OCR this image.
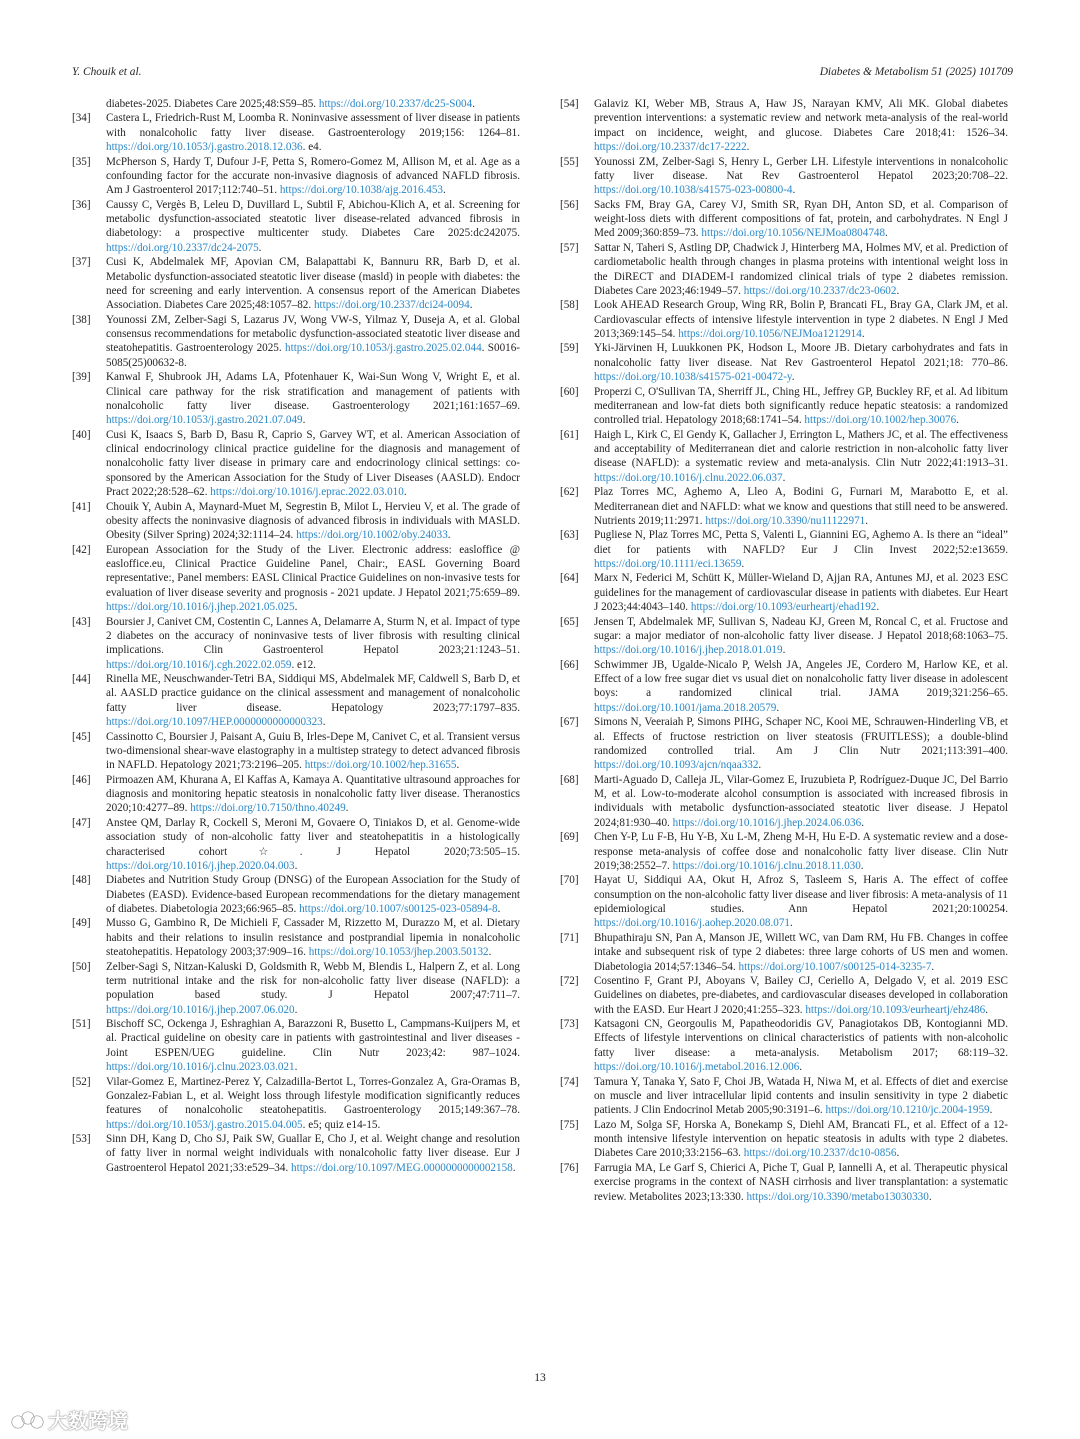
Y. Chouik et al.	Diabetes & Metabolism 51 (2025) 101709
diabetes-2025. Diabetes Care 2025;48:S59–85. https://doi.org/10.2337/dc25-S004.
[34]	Castera L, Friedrich-Rust M, Loomba R. Noninvasive assessment of liver disease in patients with nonalcoholic fatty liver disease. Gastroenterology 2019;156: 1264–81. https://doi.org/10.1053/j.gastro.2018.12.036. e4.
[35]	McPherson S, Hardy T, Dufour J-F, Petta S, Romero-Gomez M, Allison M, et al. Age as a confounding factor for the accurate non-invasive diagnosis of advanced NAFLD fibrosis. Am J Gastroenterol 2017;112:740–51. https://doi.org/10.1038/ajg.2016.453.
[36]	Caussy C, Vergès B, Leleu D, Duvillard L, Subtil F, Abichou-Klich A, et al. Screening for metabolic dysfunction-associated steatotic liver disease-related advanced fibrosis in diabetology: a prospective multicenter study. Diabetes Care 2025:dc242075. https://doi.org/10.2337/dc24-2075.
[37]	Cusi K, Abdelmalek MF, Apovian CM, Balapattabi K, Bannuru RR, Barb D, et al. Metabolic dysfunction-associated steatotic liver disease (masld) in people with diabetes: the need for screening and early intervention. A consensus report of the American Diabetes Association. Diabetes Care 2025;48:1057–82. https://doi.org/10.2337/dci24-0094.
[38]	Younossi ZM, Zelber-Sagi S, Lazarus JV, Wong VW-S, Yilmaz Y, Duseja A, et al. Global consensus recommendations for metabolic dysfunction-associated steatotic liver disease and steatohepatitis. Gastroenterology 2025. https://doi.org/10.1053/j.gastro.2025.02.044. S0016-5085(25)00632-8.
[39]	Kanwal F, Shubrook JH, Adams LA, Pfotenhauer K, Wai-Sun Wong V, Wright E, et al. Clinical care pathway for the risk stratification and management of patients with nonalcoholic fatty liver disease. Gastroenterology 2021;161:1657–69. https://doi.org/10.1053/j.gastro.2021.07.049.
[40]	Cusi K, Isaacs S, Barb D, Basu R, Caprio S, Garvey WT, et al. American Association of clinical endocrinology clinical practice guideline for the diagnosis and management of nonalcoholic fatty liver disease in primary care and endocrinology clinical settings: co-sponsored by the American Association for the Study of Liver Diseases (AASLD). Endocr Pract 2022;28:528–62. https://doi.org/10.1016/j.eprac.2022.03.010.
[41]	Chouik Y, Aubin A, Maynard-Muet M, Segrestin B, Milot L, Hervieu V, et al. The grade of obesity affects the noninvasive diagnosis of advanced fibrosis in individuals with MASLD. Obesity (Silver Spring) 2024;32:1114–24. https://doi.org/10.1002/oby.24033.
[42]	European Association for the Study of the Liver. Electronic address: easloffice @ easloffice.eu, Clinical Practice Guideline Panel, Chair:, EASL Governing Board representative:, Panel members: EASL Clinical Practice Guidelines on non-invasive tests for evaluation of liver disease severity and prognosis - 2021 update. J Hepatol 2021;75:659–89. https://doi.org/10.1016/j.jhep.2021.05.025.
[43]	Boursier J, Canivet CM, Costentin C, Lannes A, Delamarre A, Sturm N, et al. Impact of type 2 diabetes on the accuracy of noninvasive tests of liver fibrosis with resulting clinical implications. Clin Gastroenterol Hepatol 2023;21:1243–51. https://doi.org/10.1016/j.cgh.2022.02.059. e12.
[44]	Rinella ME, Neuschwander-Tetri BA, Siddiqui MS, Abdelmalek MF, Caldwell S, Barb D, et al. AASLD practice guidance on the clinical assessment and management of nonalcoholic fatty liver disease. Hepatology 2023;77:1797–835. https://doi.org/10.1097/HEP.0000000000000323.
[45]	Cassinotto C, Boursier J, Paisant A, Guiu B, Irles-Depe M, Canivet C, et al. Transient versus two-dimensional shear-wave elastography in a multistep strategy to detect advanced fibrosis in NAFLD. Hepatology 2021;73:2196–205. https://doi.org/10.1002/hep.31655.
[46]	Pirmoazen AM, Khurana A, El Kaffas A, Kamaya A. Quantitative ultrasound approaches for diagnosis and monitoring hepatic steatosis in nonalcoholic fatty liver disease. Theranostics 2020;10:4277–89. https://doi.org/10.7150/thno.40249.
[47]	Anstee QM, Darlay R, Cockell S, Meroni M, Govaere O, Tiniakos D, et al. Genome-wide association study of non-alcoholic fatty liver and steatohepatitis in a histologically characterised cohort☆. J Hepatol 2020;73:505–15. https://doi.org/10.1016/j.jhep.2020.04.003.
[48]	Diabetes and Nutrition Study Group (DNSG) of the European Association for the Study of Diabetes (EASD). Evidence-based European recommendations for the dietary management of diabetes. Diabetologia 2023;66:965–85. https://doi.org/10.1007/s00125-023-05894-8.
[49]	Musso G, Gambino R, De Michieli F, Cassader M, Rizzetto M, Durazzo M, et al. Dietary habits and their relations to insulin resistance and postprandial lipemia in nonalcoholic steatohepatitis. Hepatology 2003;37:909–16. https://doi.org/10.1053/jhep.2003.50132.
[50]	Zelber-Sagi S, Nitzan-Kaluski D, Goldsmith R, Webb M, Blendis L, Halpern Z, et al. Long term nutritional intake and the risk for non-alcoholic fatty liver disease (NAFLD): a population based study. J Hepatol 2007;47:711–7. https://doi.org/10.1016/j.jhep.2007.06.020.
[51]	Bischoff SC, Ockenga J, Eshraghian A, Barazzoni R, Busetto L, Campmans-Kuijpers M, et al. Practical guideline on obesity care in patients with gastrointestinal and liver diseases - Joint ESPEN/UEG guideline. Clin Nutr 2023;42: 987–1024. https://doi.org/10.1016/j.clnu.2023.03.021.
[52]	Vilar-Gomez E, Martinez-Perez Y, Calzadilla-Bertot L, Torres-Gonzalez A, Gra-Oramas B, Gonzalez-Fabian L, et al. Weight loss through lifestyle modification significantly reduces features of nonalcoholic steatohepatitis. Gastroenterology 2015;149:367–78. https://doi.org/10.1053/j.gastro.2015.04.005. e5; quiz e14-15.
[53]	Sinn DH, Kang D, Cho SJ, Paik SW, Guallar E, Cho J, et al. Weight change and resolution of fatty liver in normal weight individuals with nonalcoholic fatty liver disease. Eur J Gastroenterol Hepatol 2021;33:e529–34. https://doi.org/10.1097/MEG.0000000000002158.
[54]	Galaviz KI, Weber MB, Straus A, Haw JS, Narayan KMV, Ali MK. Global diabetes prevention interventions: a systematic review and network meta-analysis of the real-world impact on incidence, weight, and glucose. Diabetes Care 2018;41: 1526–34. https://doi.org/10.2337/dc17-2222.
[55]	Younossi ZM, Zelber-Sagi S, Henry L, Gerber LH. Lifestyle interventions in nonalcoholic fatty liver disease. Nat Rev Gastroenterol Hepatol 2023;20:708–22. https://doi.org/10.1038/s41575-023-00800-4.
[56]	Sacks FM, Bray GA, Carey VJ, Smith SR, Ryan DH, Anton SD, et al. Comparison of weight-loss diets with different compositions of fat, protein, and carbohydrates. N Engl J Med 2009;360:859–73. https://doi.org/10.1056/NEJMoa0804748.
[57]	Sattar N, Taheri S, Astling DP, Chadwick J, Hinterberg MA, Holmes MV, et al. Prediction of cardiometabolic health through changes in plasma proteins with intentional weight loss in the DiRECT and DIADEM-I randomized clinical trials of type 2 diabetes remission. Diabetes Care 2023;46:1949–57. https://doi.org/10.2337/dc23-0602.
[58]	Look AHEAD Research Group, Wing RR, Bolin P, Brancati FL, Bray GA, Clark JM, et al. Cardiovascular effects of intensive lifestyle intervention in type 2 diabetes. N Engl J Med 2013;369:145–54. https://doi.org/10.1056/NEJMoa1212914.
[59]	Yki-Järvinen H, Luukkonen PK, Hodson L, Moore JB. Dietary carbohydrates and fats in nonalcoholic fatty liver disease. Nat Rev Gastroenterol Hepatol 2021;18: 770–86. https://doi.org/10.1038/s41575-021-00472-y.
[60]	Properzi C, O'Sullivan TA, Sherriff JL, Ching HL, Jeffrey GP, Buckley RF, et al. Ad libitum mediterranean and low-fat diets both significantly reduce hepatic steatosis: a randomized controlled trial. Hepatology 2018;68:1741–54. https://doi.org/10.1002/hep.30076.
[61]	Haigh L, Kirk C, El Gendy K, Gallacher J, Errington L, Mathers JC, et al. The effectiveness and acceptability of Mediterranean diet and calorie restriction in non-alcoholic fatty liver disease (NAFLD): a systematic review and meta-analysis. Clin Nutr 2022;41:1913–31. https://doi.org/10.1016/j.clnu.2022.06.037.
[62]	Plaz Torres MC, Aghemo A, Lleo A, Bodini G, Furnari M, Marabotto E, et al. Mediterranean diet and NAFLD: what we know and questions that still need to be answered. Nutrients 2019;11:2971. https://doi.org/10.3390/nu11122971.
[63]	Pugliese N, Plaz Torres MC, Petta S, Valenti L, Giannini EG, Aghemo A. Is there an “ideal” diet for patients with NAFLD? Eur J Clin Invest 2022;52:e13659. https://doi.org/10.1111/eci.13659.
[64]	Marx N, Federici M, Schütt K, Müller-Wieland D, Ajjan RA, Antunes MJ, et al. 2023 ESC guidelines for the management of cardiovascular disease in patients with diabetes. Eur Heart J 2023;44:4043–140. https://doi.org/10.1093/eurheartj/ehad192.
[65]	Jensen T, Abdelmalek MF, Sullivan S, Nadeau KJ, Green M, Roncal C, et al. Fructose and sugar: a major mediator of non-alcoholic fatty liver disease. J Hepatol 2018;68:1063–75. https://doi.org/10.1016/j.jhep.2018.01.019.
[66]	Schwimmer JB, Ugalde-Nicalo P, Welsh JA, Angeles JE, Cordero M, Harlow KE, et al. Effect of a low free sugar diet vs usual diet on nonalcoholic fatty liver disease in adolescent boys: a randomized clinical trial. JAMA 2019;321:256–65. https://doi.org/10.1001/jama.2018.20579.
[67]	Simons N, Veeraiah P, Simons PIHG, Schaper NC, Kooi ME, Schrauwen-Hinderling VB, et al. Effects of fructose restriction on liver steatosis (FRUITLESS); a double-blind randomized controlled trial. Am J Clin Nutr 2021;113:391–400. https://doi.org/10.1093/ajcn/nqaa332.
[68]	Marti-Aguado D, Calleja JL, Vilar-Gomez E, Iruzubieta P, Rodríguez-Duque JC, Del Barrio M, et al. Low-to-moderate alcohol consumption is associated with increased fibrosis in individuals with metabolic dysfunction-associated steatotic liver disease. J Hepatol 2024;81:930–40. https://doi.org/10.1016/j.jhep.2024.06.036.
[69]	Chen Y-P, Lu F-B, Hu Y-B, Xu L-M, Zheng M-H, Hu E-D. A systematic review and a dose-response meta-analysis of coffee dose and nonalcoholic fatty liver disease. Clin Nutr 2019;38:2552–7. https://doi.org/10.1016/j.clnu.2018.11.030.
[70]	Hayat U, Siddiqui AA, Okut H, Afroz S, Tasleem S, Haris A. The effect of coffee consumption on the non-alcoholic fatty liver disease and liver fibrosis: A meta-analysis of 11 epidemiological studies. Ann Hepatol 2021;20:100254. https://doi.org/10.1016/j.aohep.2020.08.071.
[71]	Bhupathiraju SN, Pan A, Manson JE, Willett WC, van Dam RM, Hu FB. Changes in coffee intake and subsequent risk of type 2 diabetes: three large cohorts of US men and women. Diabetologia 2014;57:1346–54. https://doi.org/10.1007/s00125-014-3235-7.
[72]	Cosentino F, Grant PJ, Aboyans V, Bailey CJ, Ceriello A, Delgado V, et al. 2019 ESC Guidelines on diabetes, pre-diabetes, and cardiovascular diseases developed in collaboration with the EASD. Eur Heart J 2020;41:255–323. https://doi.org/10.1093/eurheartj/ehz486.
[73]	Katsagoni CN, Georgoulis M, Papatheodoridis GV, Panagiotakos DB, Kontogianni MD. Effects of lifestyle interventions on clinical characteristics of patients with non-alcoholic fatty liver disease: a meta-analysis. Metabolism 2017; 68:119–32. https://doi.org/10.1016/j.metabol.2016.12.006.
[74]	Tamura Y, Tanaka Y, Sato F, Choi JB, Watada H, Niwa M, et al. Effects of diet and exercise on muscle and liver intracellular lipid contents and insulin sensitivity in type 2 diabetic patients. J Clin Endocrinol Metab 2005;90:3191–6. https://doi.org/10.1210/jc.2004-1959.
[75]	Lazo M, Solga SF, Horska A, Bonekamp S, Diehl AM, Brancati FL, et al. Effect of a 12-month intensive lifestyle intervention on hepatic steatosis in adults with type 2 diabetes. Diabetes Care 2010;33:2156–63. https://doi.org/10.2337/dc10-0856.
[76]	Farrugia MA, Le Garf S, Chierici A, Piche T, Gual P, Iannelli A, et al. Therapeutic physical exercise programs in the context of NASH cirrhosis and liver transplantation: a systematic review. Metabolites 2023;13:330. https://doi.org/10.3390/metabo13030330.
13
大数跨境
